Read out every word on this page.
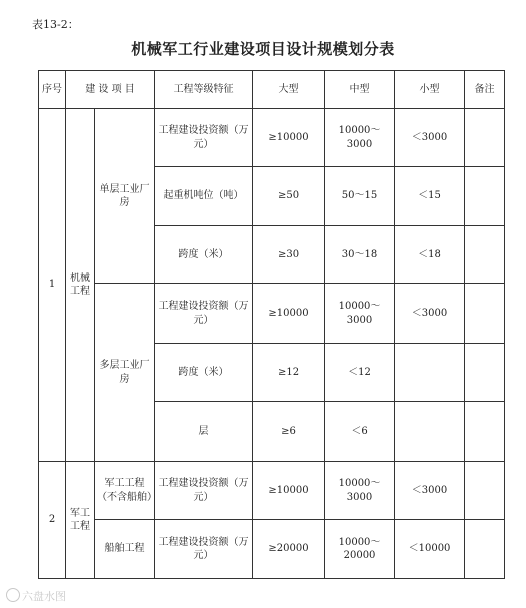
表13-2：
机械军工行业建设项目设计规模划分表
序号	建 设 项 目		工程等级特征	大型	中型	小型	备注
1	机械工程	单层工业厂房	工程建设投资额（万元）	≥10000	10000～3000	＜3000	
			起重机吨位（吨）	≥50	50～15	＜15	
			跨度（米）	≥30	30～18	＜18	
		多层工业厂房	工程建设投资额（万元）	≥10000	10000～3000	＜3000	
			跨度（米）	≥12	＜12		
			层	≥6	＜6		
2	军工工程	军工工程（不含船舶）	工程建设投资额（万元）	≥10000	10000～3000	＜3000	
		船舶工程	工程建设投资额（万元）	≥20000	10000～20000	＜10000	
六盘水图
